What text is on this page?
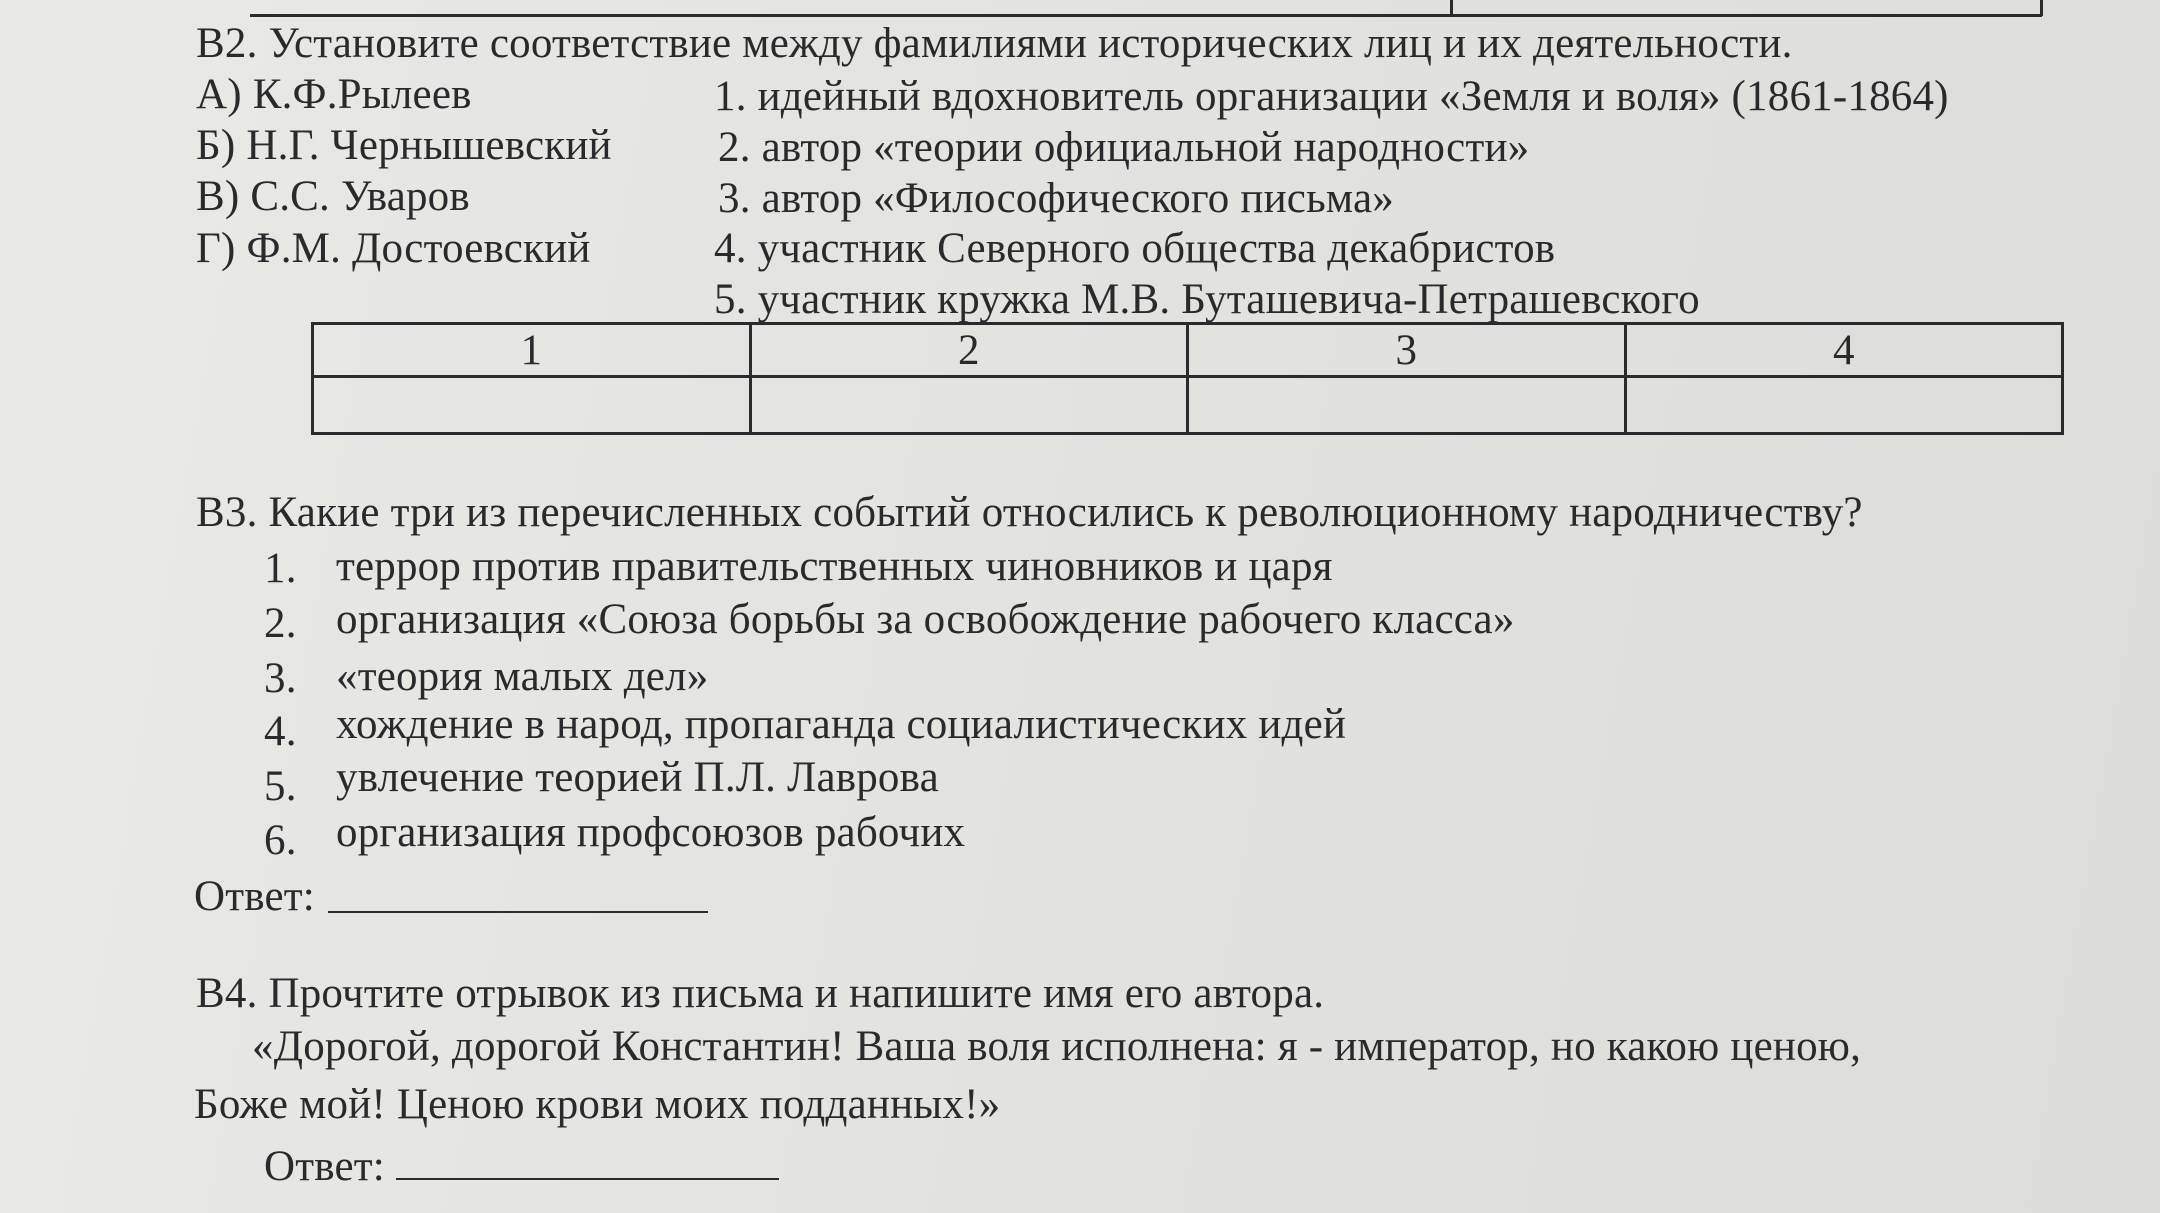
В2. Установите соответствие между фамилиями исторических лиц и их деятельности.
А) К.Ф.Рылеев
Б) Н.Г. Чернышевский
В) С.С. Уваров
Г) Ф.М. Достоевский
1. идейный вдохновитель организации «Земля и воля» (1861-1864)
2. автор «теории официальной народности»
3. автор «Философического письма»
4. участник Северного общества декабристов
5. участник кружка М.В. Буташевича-Петрашевского
1	2	3	4

В3. Какие три из перечисленных событий относились к революционному народничеству?
1. террор против правительственных чиновников и царя
2. организация «Союза борьбы за освобождение рабочего класса»
3. «теория малых дел»
4. хождение в народ, пропаганда социалистических идей
5. увлечение теорией П.Л. Лаврова
6. организация профсоюзов рабочих
Ответ:
В4. Прочтите отрывок из письма и напишите имя его автора.
«Дорогой, дорогой Константин! Ваша воля исполнена: я - император, но какою ценою,
Боже мой! Ценою крови моих подданных!»
Ответ:
